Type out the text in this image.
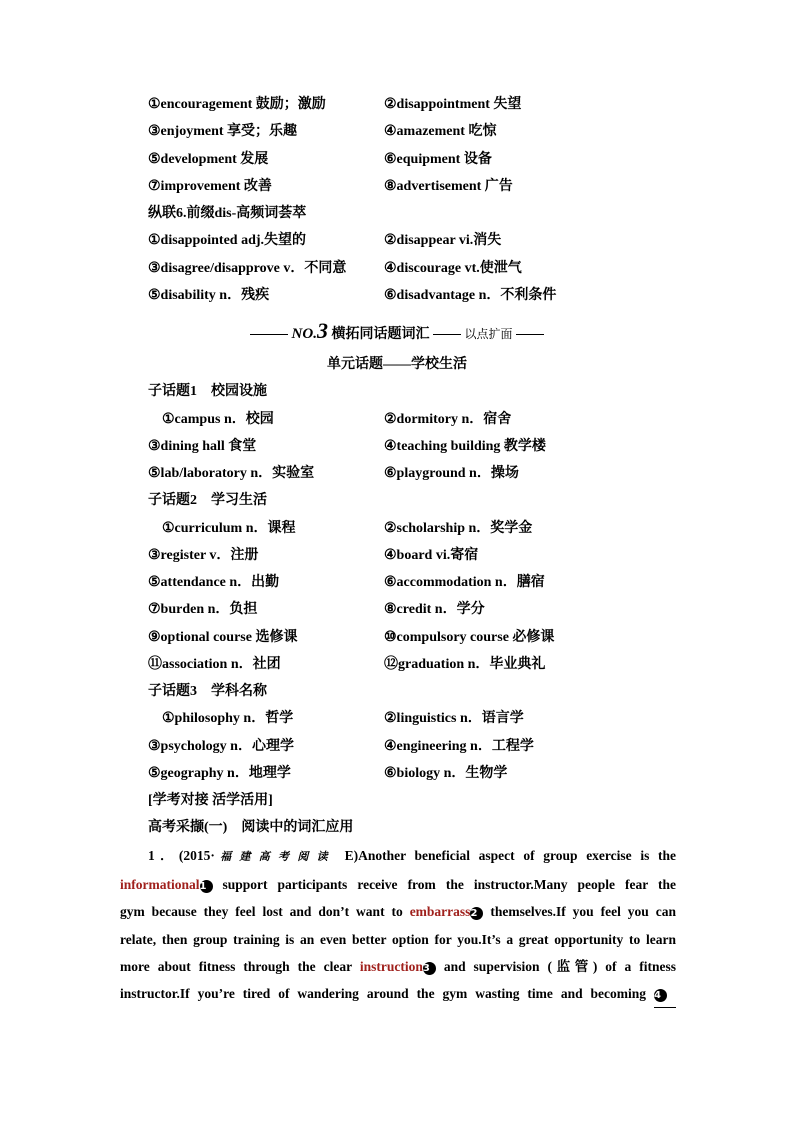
①encouragement 鼓励；激励	②disappointment 失望
③enjoyment 享受；乐趣	④amazement 吃惊
⑤development 发展	⑥equipment 设备
⑦improvement 改善	⑧advertisement 广告
纵联6.前缀dis-高频词荟萃
①disappointed adj.失望的	②disappear vi.消失
③disagree/disapprove v．不同意	④discourage vt.使泄气
⑤disability n．残疾	⑥disadvantage n．不利条件
NO.3 横拓同话题词汇	以点扩面
单元话题——学校生活
子话题1　校园设施
①campus n．校园	②dormitory n．宿舍
③dining hall 食堂	④teaching building 教学楼
⑤lab/laboratory n．实验室	⑥playground n．操场
子话题2　学习生活
①curriculum n．课程	②scholarship n．奖学金
③register v．注册	④board vi.寄宿
⑤attendance n．出勤	⑥accommodation n．膳宿
⑦burden n．负担	⑧credit n．学分
⑨optional course 选修课	⑩compulsory course 必修课
⑪association n．社团	⑫graduation n．毕业典礼
子话题3　学科名称
①philosophy n．哲学	②linguistics n．语言学
③psychology n．心理学	④engineering n．工程学
⑤geography n．地理学	⑥biology n．生物学
[学考对接 活学活用]
高考采撷(一)　阅读中的词汇应用
1．(2015·福建高考阅读 E)Another beneficial aspect of group exercise is the
informational1 support participants receive from the instructor.Many people fear the
gym because they feel lost and don’t want to embarrass2 themselves.If you feel you can
relate, then group training is an even better option for you.It’s a great opportunity to learn
more about fitness through the clear instruction3 and supervision (监管) of a fitness
instructor.If you’re tired of wandering around the gym wasting time and becoming 4
